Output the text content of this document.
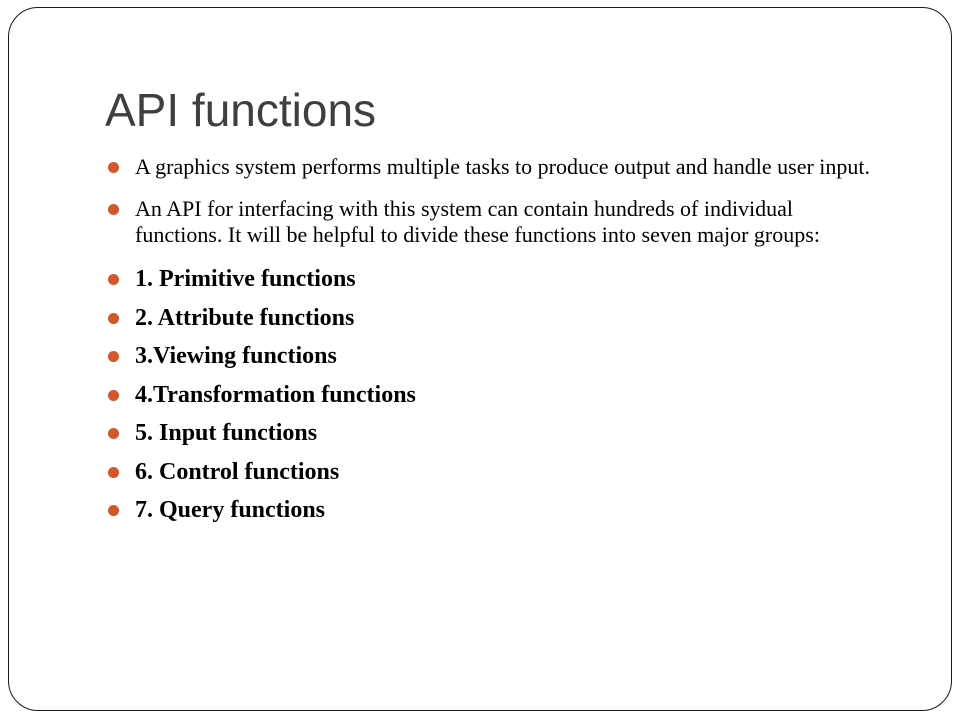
API functions
A graphics system performs multiple tasks to produce output and handle user input.
An API for interfacing with this system can contain hundreds of individual functions. It will be helpful to divide these functions into seven major groups:
1. Primitive functions
2. Attribute functions
3.Viewing functions
4.Transformation functions
5. Input functions
6. Control functions
7. Query functions
